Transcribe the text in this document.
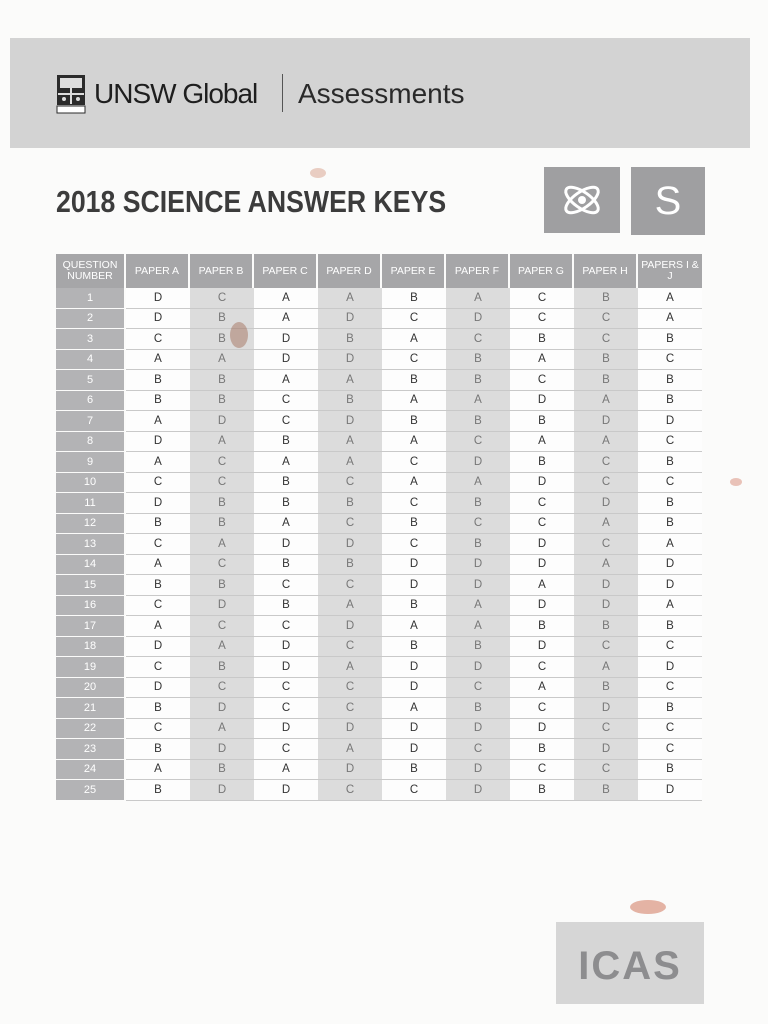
UNSW Global Assessments
2018 SCIENCE ANSWER KEYS	S
QUESTION NUMBER	PAPER A	PAPER B	PAPER C	PAPER D	PAPER E	PAPER F	PAPER G	PAPER H	PAPERS I & J
1	D	C	A	A	B	A	C	B	A
2	D	B	A	D	C	D	C	C	A
3	C	B	D	B	A	C	B	C	B
4	A	A	D	D	C	B	A	B	C
5	B	B	A	A	B	B	C	B	B
6	B	B	C	B	A	A	D	A	B
7	A	D	C	D	B	B	B	D	D
8	D	A	B	A	A	C	A	A	C
9	A	C	A	A	C	D	B	C	B
10	C	C	B	C	A	A	D	C	C
11	D	B	B	B	C	B	C	D	B
12	B	B	A	C	B	C	C	A	B
13	C	A	D	D	C	B	D	C	A
14	A	C	B	B	D	D	D	A	D
15	B	B	C	C	D	D	A	D	D
16	C	D	B	A	B	A	D	D	A
17	A	C	C	D	A	A	B	B	B
18	D	A	D	C	B	B	D	C	C
19	C	B	D	A	D	D	C	A	D
20	D	C	C	C	D	C	A	B	C
21	B	D	C	C	A	B	C	D	B
22	C	A	D	D	D	D	D	C	C
23	B	D	C	A	D	C	B	D	C
24	A	B	A	D	B	D	C	C	B
25	B	D	D	C	C	D	B	B	D
ICAS
